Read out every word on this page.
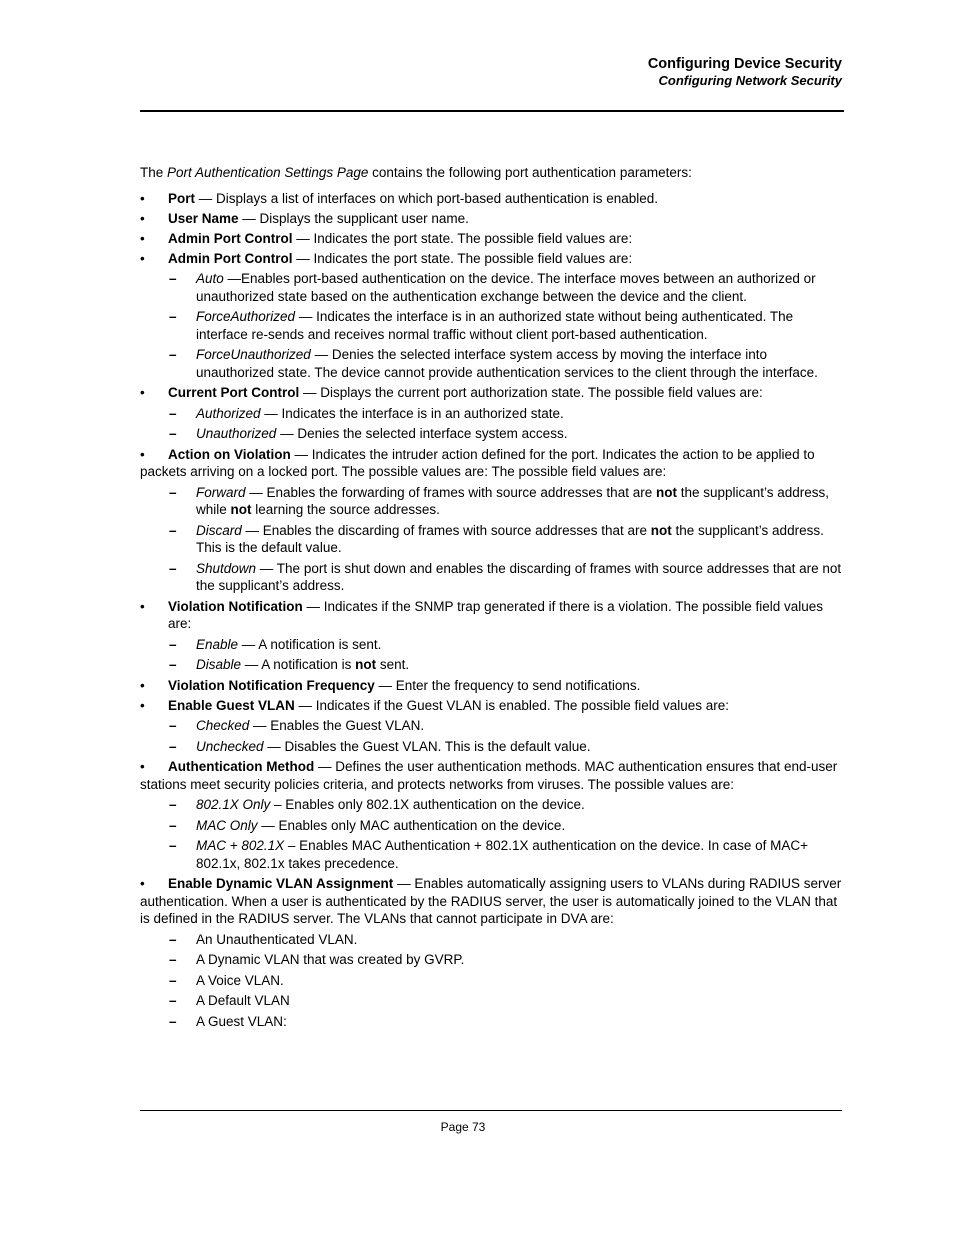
Configuring Device Security
Configuring Network Security

The Port Authentication Settings Page contains the following port authentication parameters:

•	Port — Displays a list of interfaces on which port-based authentication is enabled.
•	User Name — Displays the supplicant user name.
•	Admin Port Control — Indicates the port state. The possible field values are:
•	Admin Port Control — Indicates the port state. The possible field values are:
– Auto —Enables port-based authentication on the device. The interface moves between an authorized or unauthorized state based on the authentication exchange between the device and the client.
– ForceAuthorized — Indicates the interface is in an authorized state without being authenticated. The interface re-sends and receives normal traffic without client port-based authentication.
– ForceUnauthorized — Denies the selected interface system access by moving the interface into unauthorized state. The device cannot provide authentication services to the client through the interface.
•	Current Port Control — Displays the current port authorization state. The possible field values are:
– Authorized — Indicates the interface is in an authorized state.
– Unauthorized — Denies the selected interface system access.
•	Action on Violation — Indicates the intruder action defined for the port. Indicates the action to be applied to packets arriving on a locked port. The possible values are: The possible field values are:
– Forward — Enables the forwarding of frames with source addresses that are not the supplicant’s address, while not learning the source addresses.
– Discard — Enables the discarding of frames with source addresses that are not the supplicant’s address. This is the default value.
– Shutdown — The port is shut down and enables the discarding of frames with source addresses that are not the supplicant’s address.
•	Violation Notification — Indicates if the SNMP trap generated if there is a violation. The possible field values are:
– Enable — A notification is sent.
– Disable — A notification is not sent.
•	Violation Notification Frequency — Enter the frequency to send notifications.
•	Enable Guest VLAN — Indicates if the Guest VLAN is enabled. The possible field values are:
– Checked — Enables the Guest VLAN.
– Unchecked — Disables the Guest VLAN. This is the default value.
•	Authentication Method — Defines the user authentication methods. MAC authentication ensures that end-user stations meet security policies criteria, and protects networks from viruses. The possible values are:
– 802.1X Only – Enables only 802.1X authentication on the device.
– MAC Only — Enables only MAC authentication on the device.
– MAC + 802.1X – Enables MAC Authentication + 802.1X authentication on the device. In case of MAC+ 802.1x, 802.1x takes precedence.
•	Enable Dynamic VLAN Assignment — Enables automatically assigning users to VLANs during RADIUS server authentication. When a user is authenticated by the RADIUS server, the user is automatically joined to the VLAN that is defined in the RADIUS server. The VLANs that cannot participate in DVA are:
– An Unauthenticated VLAN.
– A Dynamic VLAN that was created by GVRP.
– A Voice VLAN.
– A Default VLAN
– A Guest VLAN:
Page 73
